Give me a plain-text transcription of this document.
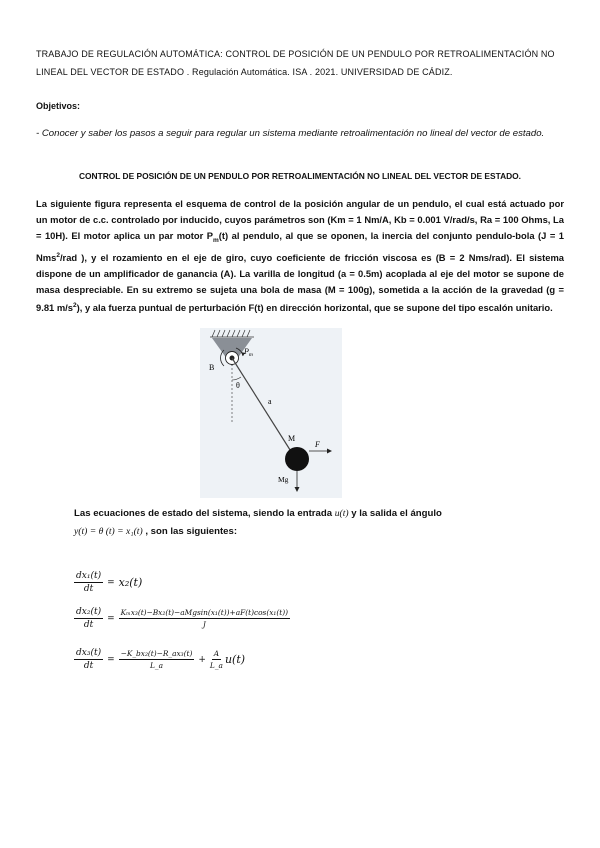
TRABAJO DE REGULACIÓN AUTOMÁTICA: CONTROL DE POSICIÓN DE UN PENDULO POR RETROALIMENTACIÓN NO
LINEAL DEL VECTOR DE ESTADO . Regulación Automática. ISA . 2021. UNIVERSIDAD DE CÁDIZ.
Objetivos:
- Conocer y saber los pasos a seguir para regular un sistema mediante retroalimentación no lineal del vector de estado.
CONTROL DE POSICIÓN DE UN PENDULO POR RETROALIMENTACIÓN NO LINEAL DEL VECTOR DE ESTADO.
La siguiente figura representa el esquema de control de la posición angular de un pendulo, el cual está actuado por un motor de c.c. controlado por inducido, cuyos parámetros son (Km = 1 Nm/A, Kb = 0.001 V/rad/s, Ra = 100 Ohms, La = 10H). El motor aplica un par motor $P_m(t)$ al pendulo, al que se oponen, la inercia del conjunto pendulo-bola (J = 1 Nms$^2$/rad ), y el rozamiento en el eje de giro, cuyo coeficiente de fricción viscosa es (B = 2 Nms/rad). El sistema dispone de un amplificador de ganancia (A). La varilla de longitud (a = 0.5m) acoplada al eje del motor se supone de masa despreciable. En su extremo se sujeta una bola de masa (M = 100g), sometida a la acción de la gravedad (g = 9.81 $m/s^2$), y ala fuerza puntual de perturbación F(t) en dirección horizontal, que se supone del tipo escalón unitario.
B
$P_m$
θ
a
M
F
Mg
Las ecuaciones de estado del sistema, siendo la entrada u(t) y la salida el ángulo
y(t) = θ (t) = x₁(t) , son las siguientes:
$\frac{\text{dx₁(t)}}{dt} = x_2(t)$
$\frac{\text{dx₂(t)}}{dt} = \frac{\text{Kₘx₃(t)−Bx₂(t)−aMgsin(x₁(t))+aF(t)cos(x₁(t))}}{J}$
$\frac{\text{dx₃(t)}}{dt} = \frac{\text{−K\_bx₂(t)−R\_ax₃(t)}}{L\_a} + \frac{A}{L\_a} u(t)$
